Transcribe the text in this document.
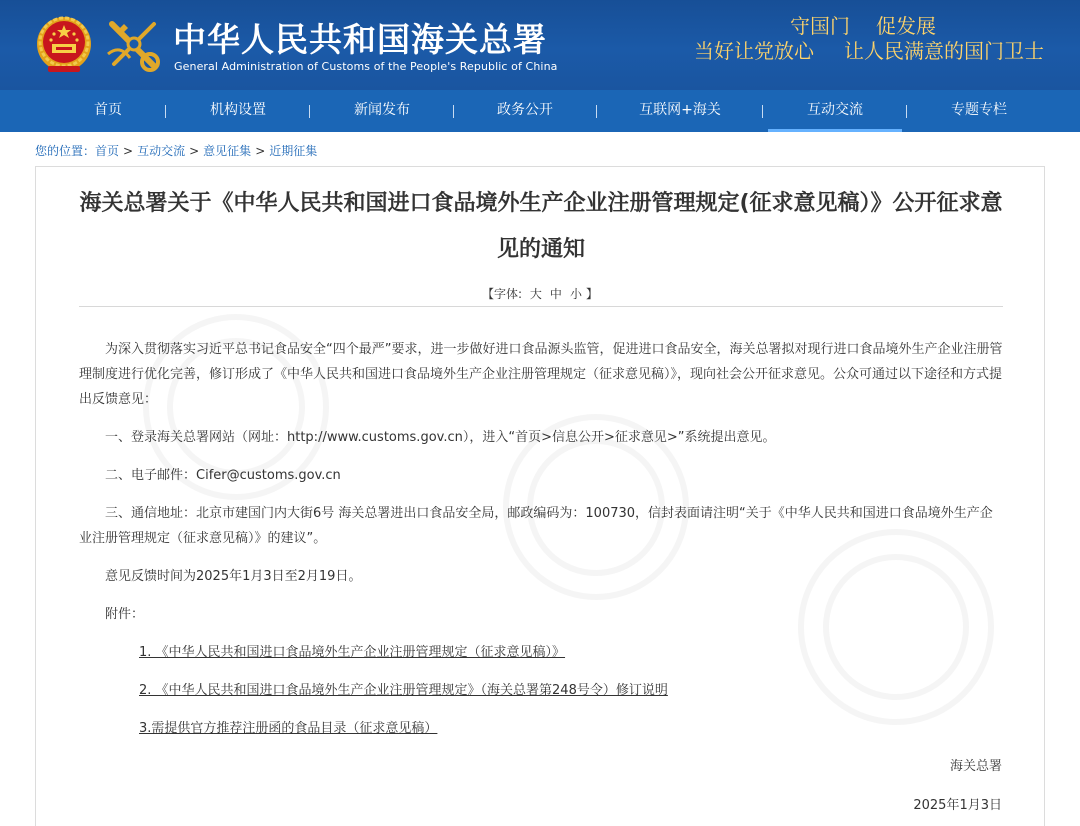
中华人民共和国海关总署
General Administration of Customs of the People's Republic of China
守国门 促发展
当好让党放心 让人民满意的国门卫士
首页	机构设置	新闻发布	政务公开	互联网+海关	互动交流	专题专栏
您的位置：首页 > 互动交流 > 意见征集 > 近期征集
海关总署关于《中华人民共和国进口食品境外生产企业注册管理规定(征求意见稿）》公开征求意见的通知
【字体: 大 中 小 】

为深入贯彻落实习近平总书记食品安全“四个最严”要求，进一步做好进口食品源头监管，促进进口食品安全，海关总署拟对现行进口食品境外生产企业注册管理制度进行优化完善，修订形成了《中华人民共和国进口食品境外生产企业注册管理规定（征求意见稿）》，现向社会公开征求意见。公众可通过以下途径和方式提出反馈意见：

一、登录海关总署网站（网址：http://www.customs.gov.cn），进入“首页>信息公开>征求意见>”系统提出意见。

二、电子邮件：Cifer@customs.gov.cn

三、通信地址：北京市建国门内大街6号 海关总署进出口食品安全局，邮政编码为：100730，信封表面请注明“关于《中华人民共和国进口食品境外生产企业注册管理规定（征求意见稿）》的建议”。

意见反馈时间为2025年1月3日至2月19日。

附件：

1. 《中华人民共和国进口食品境外生产企业注册管理规定（征求意见稿）》
2. 《中华人民共和国进口食品境外生产企业注册管理规定》（海关总署第248号令）修订说明
3.需提供官方推荐注册函的食品目录（征求意见稿）
海关总署
2025年1月3日
